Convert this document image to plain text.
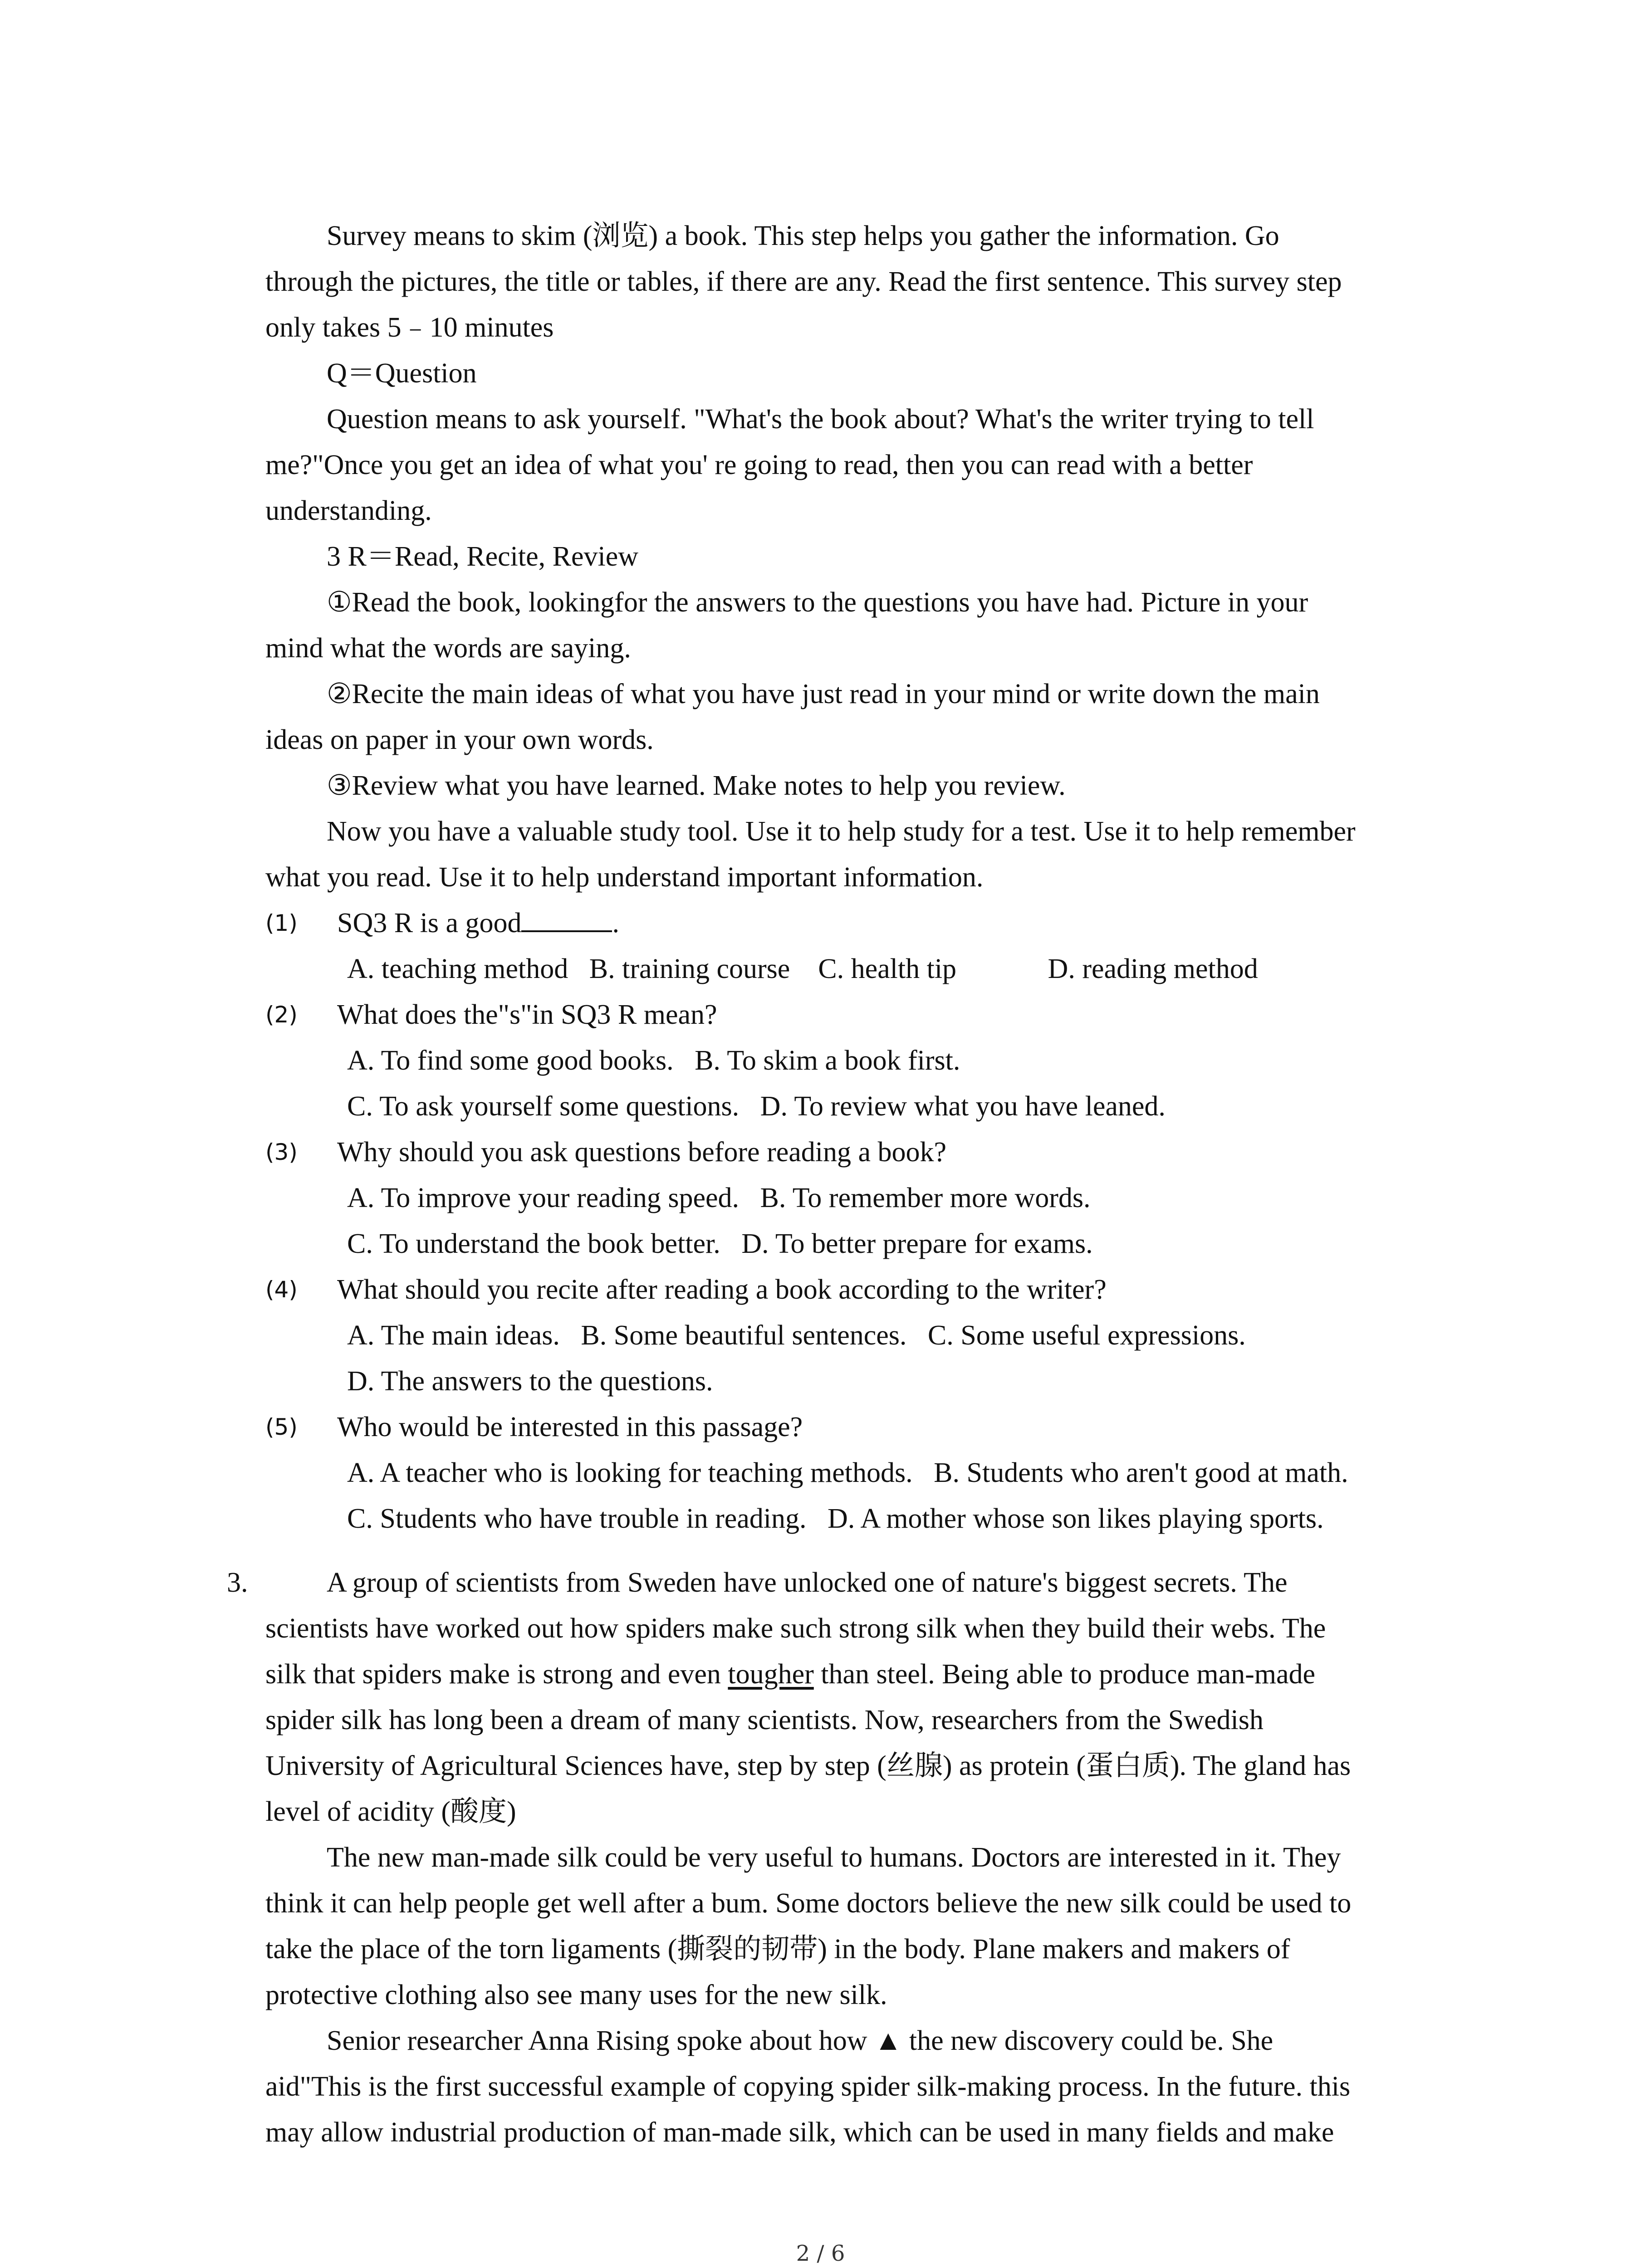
Survey means to skim (浏览) a book. This step helps you gather the information. Go

through the pictures, the title or tables, if there are any. Read the first sentence. This survey step

only takes 5﹣10 minutes

Q＝Question

Question means to ask yourself. "What's the book about? What's the writer trying to tell

me?"Once you get an idea of what you' re going to read, then you can read with a better

understanding.

3 R＝Read, Recite, Review

①Read the book, lookingfor the answers to the questions you have had. Picture in your

mind what the words are saying.

②Recite the main ideas of what you have just read in your mind or write down the main

ideas on paper in your own words.

③Review what you have learned. Make notes to help you review.

Now you have a valuable study tool. Use it to help study for a test. Use it to help remember

what you read. Use it to help understand important information.

(1) SQ3 R is a good	.
A. teaching method   B. training course    C. health tip             D. reading method
(2) What does the"s"in SQ3 R mean?
A. To find some good books.   B. To skim a book first.
C. To ask yourself some questions.   D. To review what you have leaned.
(3) Why should you ask questions before reading a book?
A. To improve your reading speed.   B. To remember more words.
C. To understand the book better.   D. To better prepare for exams.
(4) What should you recite after reading a book according to the writer?
A. The main ideas.   B. Some beautiful sentences.   C. Some useful expressions.
D. The answers to the questions.
(5) Who would be interested in this passage?
A. A teacher who is looking for teaching methods.   B. Students who aren't good at math.
C. Students who have trouble in reading.   D. A mother whose son likes playing sports.
3.	A group of scientists from Sweden have unlocked one of nature's biggest secrets. The

scientists have worked out how spiders make such strong silk when they build their webs. The

silk that spiders make is strong and even tougher than steel. Being able to produce man-made

spider silk has long been a dream of many scientists. Now, researchers from the Swedish

University of Agricultural Sciences have, step by step (丝腺) as protein (蛋白质). The gland has

level of acidity (酸度)

The new man-made silk could be very useful to humans. Doctors are interested in it. They

think it can help people get well after a bum. Some doctors believe the new silk could be used to

take the place of the torn ligaments (撕裂的韧带) in the body. Plane makers and makers of

protective clothing also see many uses for the new silk.

Senior researcher Anna Rising spoke about how ▲ the new discovery could be. She

aid"This is the first successful example of copying spider silk-making process. In the future. this

may allow industrial production of man-made silk, which can be used in many fields and make

2 / 6
